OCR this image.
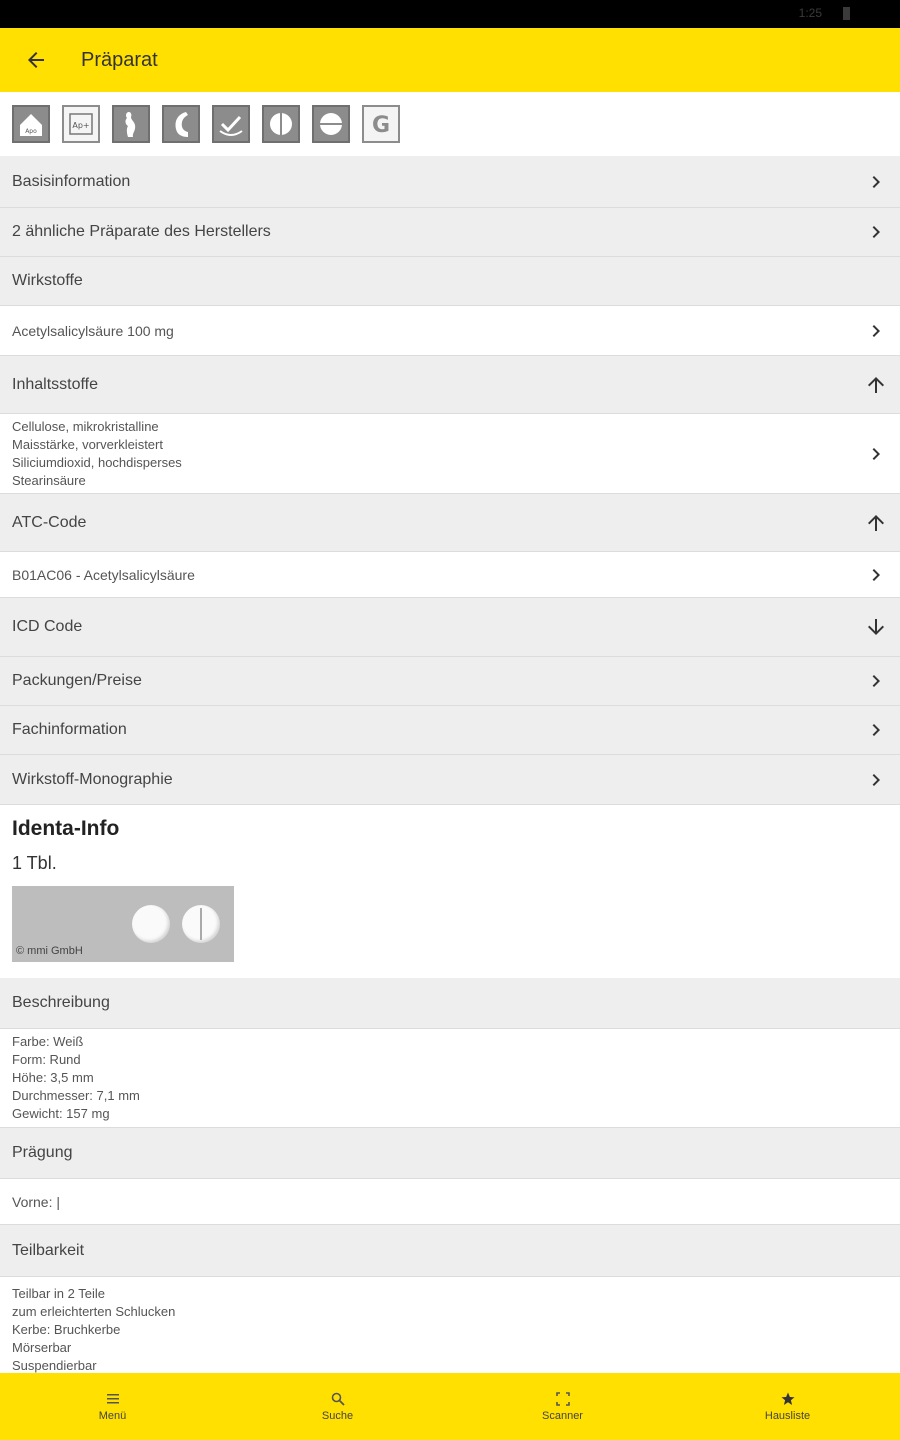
1:25
Präparat
Apo
Ap+	G
Basisinformation
2 ähnliche Präparate des Herstellers
Wirkstoffe
Acetylsalicylsäure 100 mg
Inhaltsstoffe
Cellulose, mikrokristalline
Maisstärke, vorverkleistert
Siliciumdioxid, hochdisperses
Stearinsäure
ATC-Code
B01AC06 - Acetylsalicylsäure
ICD Code
Packungen/Preise
Fachinformation
Wirkstoff-Monographie
Identa-Info
1 Tbl.
© mmi GmbH
Beschreibung
Farbe: Weiß
Form: Rund
Höhe: 3,5 mm
Durchmesser: 7,1 mm
Gewicht: 157 mg
Prägung
Vorne: |
Teilbarkeit
Teilbar in 2 Teile
zum erleichterten Schlucken
Kerbe: Bruchkerbe
Mörserbar
Suspendierbar
Menü	Suche	Scanner	Hausliste
